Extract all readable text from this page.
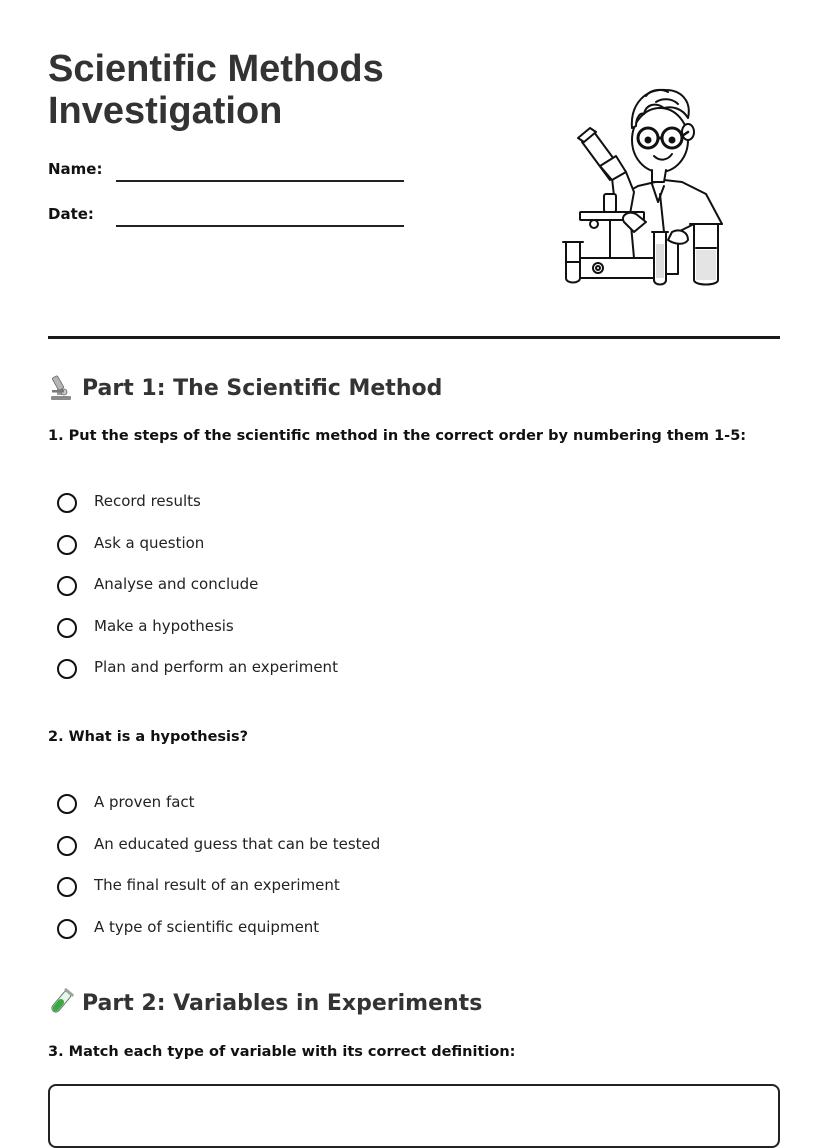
Scientific Methods Investigation
Name:
Date:
Part 1: The Scientific Method
1. Put the steps of the scientific method in the correct order by numbering them 1-5:
Record results
Ask a question
Analyse and conclude
Make a hypothesis
Plan and perform an experiment
2. What is a hypothesis?
A proven fact
An educated guess that can be tested
The final result of an experiment
A type of scientific equipment
Part 2: Variables in Experiments
3. Match each type of variable with its correct definition:
